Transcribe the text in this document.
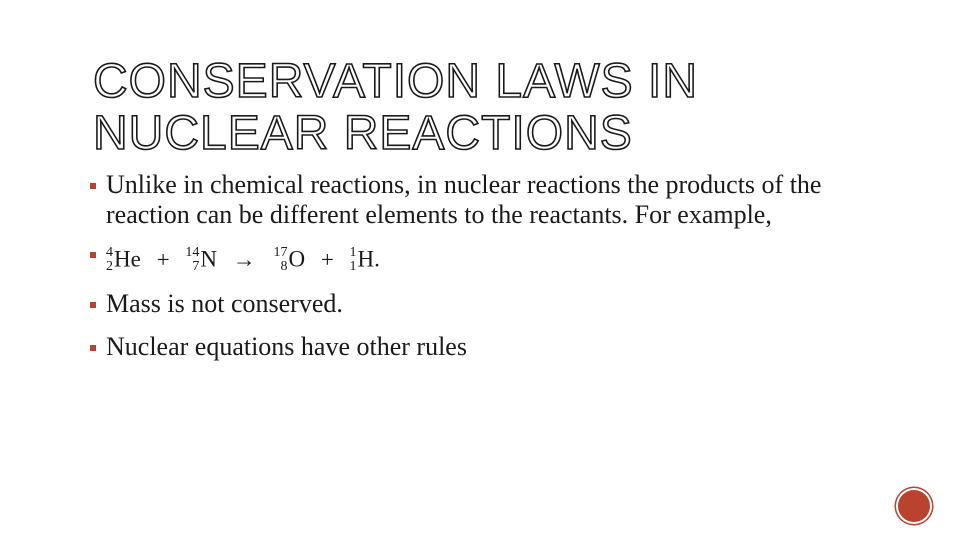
CONSERVATION LAWS IN
NUCLEAR REACTIONS
Unlike in chemical reactions, in nuclear reactions the products of the reaction can be different elements to the reactants. For example,
4
2 He + 14
7 N → 17
8 O + 1
1 H.
Mass is not conserved.
Nuclear equations have other rules
